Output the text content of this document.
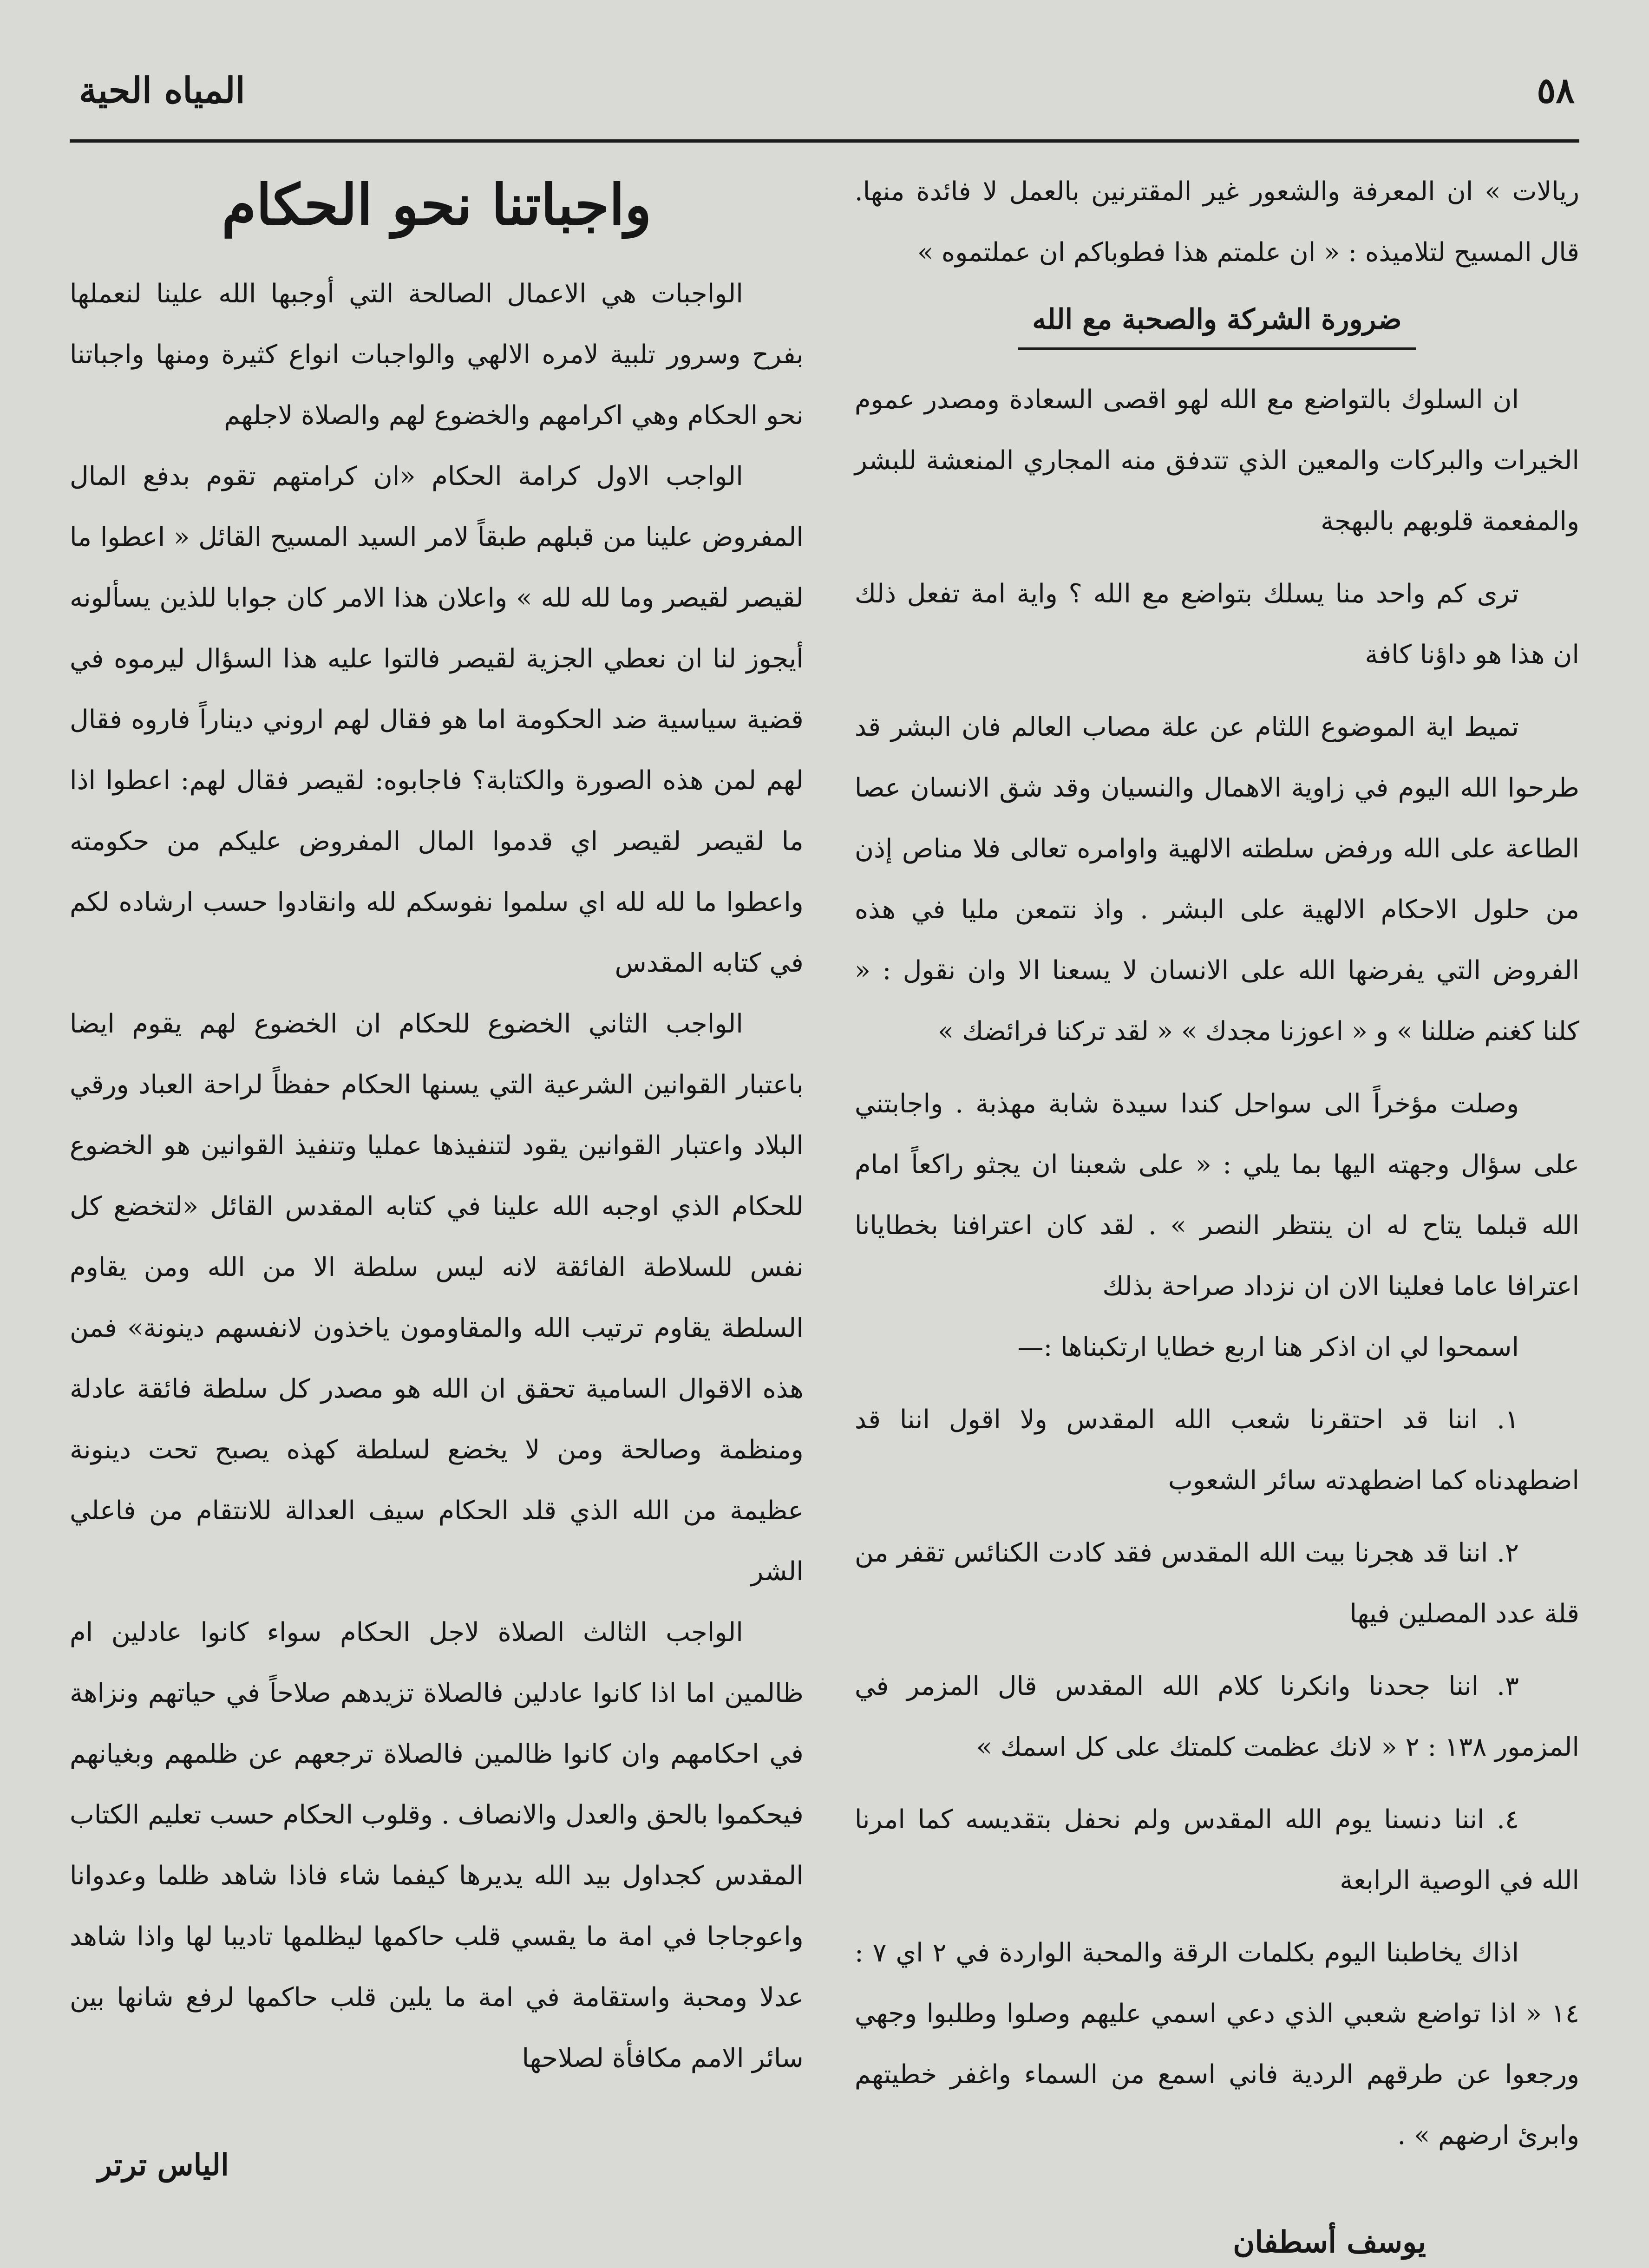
٥٨
المياه الحية

ريالات » ان المعرفة والشعور غير المقترنين بالعمل لا فائدة منها. قال المسيح لتلاميذه : « ان علمتم هذا فطوباكم ان عملتموه »

ضرورة الشركة والصحبة مع الله

ان السلوك بالتواضع مع الله لهو اقصى السعادة ومصدر عموم الخيرات والبركات والمعين الذي تتدفق منه المجاري المنعشة للبشر والمفعمة قلوبهم بالبهجة

ترى كم واحد منا يسلك بتواضع مع الله ؟ واية امة تفعل ذلك ان هذا هو داؤنا كافة

تميط اية الموضوع اللثام عن علة مصاب العالم فان البشر قد طرحوا الله اليوم في زاوية الاهمال والنسيان وقد شق الانسان عصا الطاعة على الله ورفض سلطته الالهية واوامره تعالى فلا مناص إذن من حلول الاحكام الالهية على البشر . واذ نتمعن مليا في هذه الفروض التي يفرضها الله على الانسان لا يسعنا الا وان نقول : « كلنا كغنم ضللنا » و « اعوزنا مجدك » « لقد تركنا فرائضك »

وصلت مؤخراً الى سواحل كندا سيدة شابة مهذبة . واجابتني على سؤال وجهته اليها بما يلي : « على شعبنا ان يجثو راكعاً امام الله قبلما يتاح له ان ينتظر النصر » . لقد كان اعترافنا بخطايانا اعترافا عاما فعلينا الان ان نزداد صراحة بذلك

اسمحوا لي ان اذكر هنا اربع خطايا ارتكبناها :—

١. اننا قد احتقرنا شعب الله المقدس ولا اقول اننا قد اضطهدناه كما اضطهدته سائر الشعوب

٢. اننا قد هجرنا بيت الله المقدس فقد كادت الكنائس تقفر من قلة عدد المصلين فيها

٣. اننا جحدنا وانكرنا كلام الله المقدس قال المزمر في المزمور ١٣٨ : ٢ « لانك عظمت كلمتك على كل اسمك »

٤. اننا دنسنا يوم الله المقدس ولم نحفل بتقديسه كما امرنا الله في الوصية الرابعة

اذاك يخاطبنا اليوم بكلمات الرقة والمحبة الواردة في ٢ اي ٧ : ١٤ « اذا تواضع شعبي الذي دعي اسمي عليهم وصلوا وطلبوا وجهي ورجعوا عن طرقهم الردية فاني اسمع من السماء واغفر خطيتهم وابرئ ارضهم » .

يوسف أسطفان
واجباتنا نحو الحكام

الواجبات هي الاعمال الصالحة التي أوجبها الله علينا لنعملها بفرح وسرور تلبية لامره الالهي والواجبات انواع كثيرة ومنها واجباتنا نحو الحكام وهي اكرامهم والخضوع لهم والصلاة لاجلهم

الواجب الاول كرامة الحكام «ان كرامتهم تقوم بدفع المال المفروض علينا من قبلهم طبقاً لامر السيد المسيح القائل « اعطوا ما لقيصر لقيصر وما لله لله » واعلان هذا الامر كان جوابا للذين يسألونه أيجوز لنا ان نعطي الجزية لقيصر فالتوا عليه هذا السؤال ليرموه في قضية سياسية ضد الحكومة اما هو فقال لهم اروني ديناراً فاروه فقال لهم لمن هذه الصورة والكتابة؟ فاجابوه: لقيصر فقال لهم: اعطوا اذا ما لقيصر لقيصر اي قدموا المال المفروض عليكم من حكومته واعطوا ما لله لله اي سلموا نفوسكم لله وانقادوا حسب ارشاده لكم في كتابه المقدس

الواجب الثاني الخضوع للحكام ان الخضوع لهم يقوم ايضا باعتبار القوانين الشرعية التي يسنها الحكام حفظاً لراحة العباد ورقي البلاد واعتبار القوانين يقود لتنفيذها عمليا وتنفيذ القوانين هو الخضوع للحكام الذي اوجبه الله علينا في كتابه المقدس القائل «لتخضع كل نفس للسلاطة الفائقة لانه ليس سلطة الا من الله ومن يقاوم السلطة يقاوم ترتيب الله والمقاومون ياخذون لانفسهم دينونة» فمن هذه الاقوال السامية تحقق ان الله هو مصدر كل سلطة فائقة عادلة ومنظمة وصالحة ومن لا يخضع لسلطة كهذه يصبح تحت دينونة عظيمة من الله الذي قلد الحكام سيف العدالة للانتقام من فاعلي الشر

الواجب الثالث الصلاة لاجل الحكام سواء كانوا عادلين ام ظالمين اما اذا كانوا عادلين فالصلاة تزيدهم صلاحاً في حياتهم ونزاهة في احكامهم وان كانوا ظالمين فالصلاة ترجعهم عن ظلمهم وبغيانهم فيحكموا بالحق والعدل والانصاف . وقلوب الحكام حسب تعليم الكتاب المقدس كجداول بيد الله يديرها كيفما شاء فاذا شاهد ظلما وعدوانا واعوجاجا في امة ما يقسي قلب حاكمها ليظلمها تاديبا لها واذا شاهد عدلا ومحبة واستقامة في امة ما يلين قلب حاكمها لرفع شانها بين سائر الامم مكافأة لصلاحها

الياس ترتر
